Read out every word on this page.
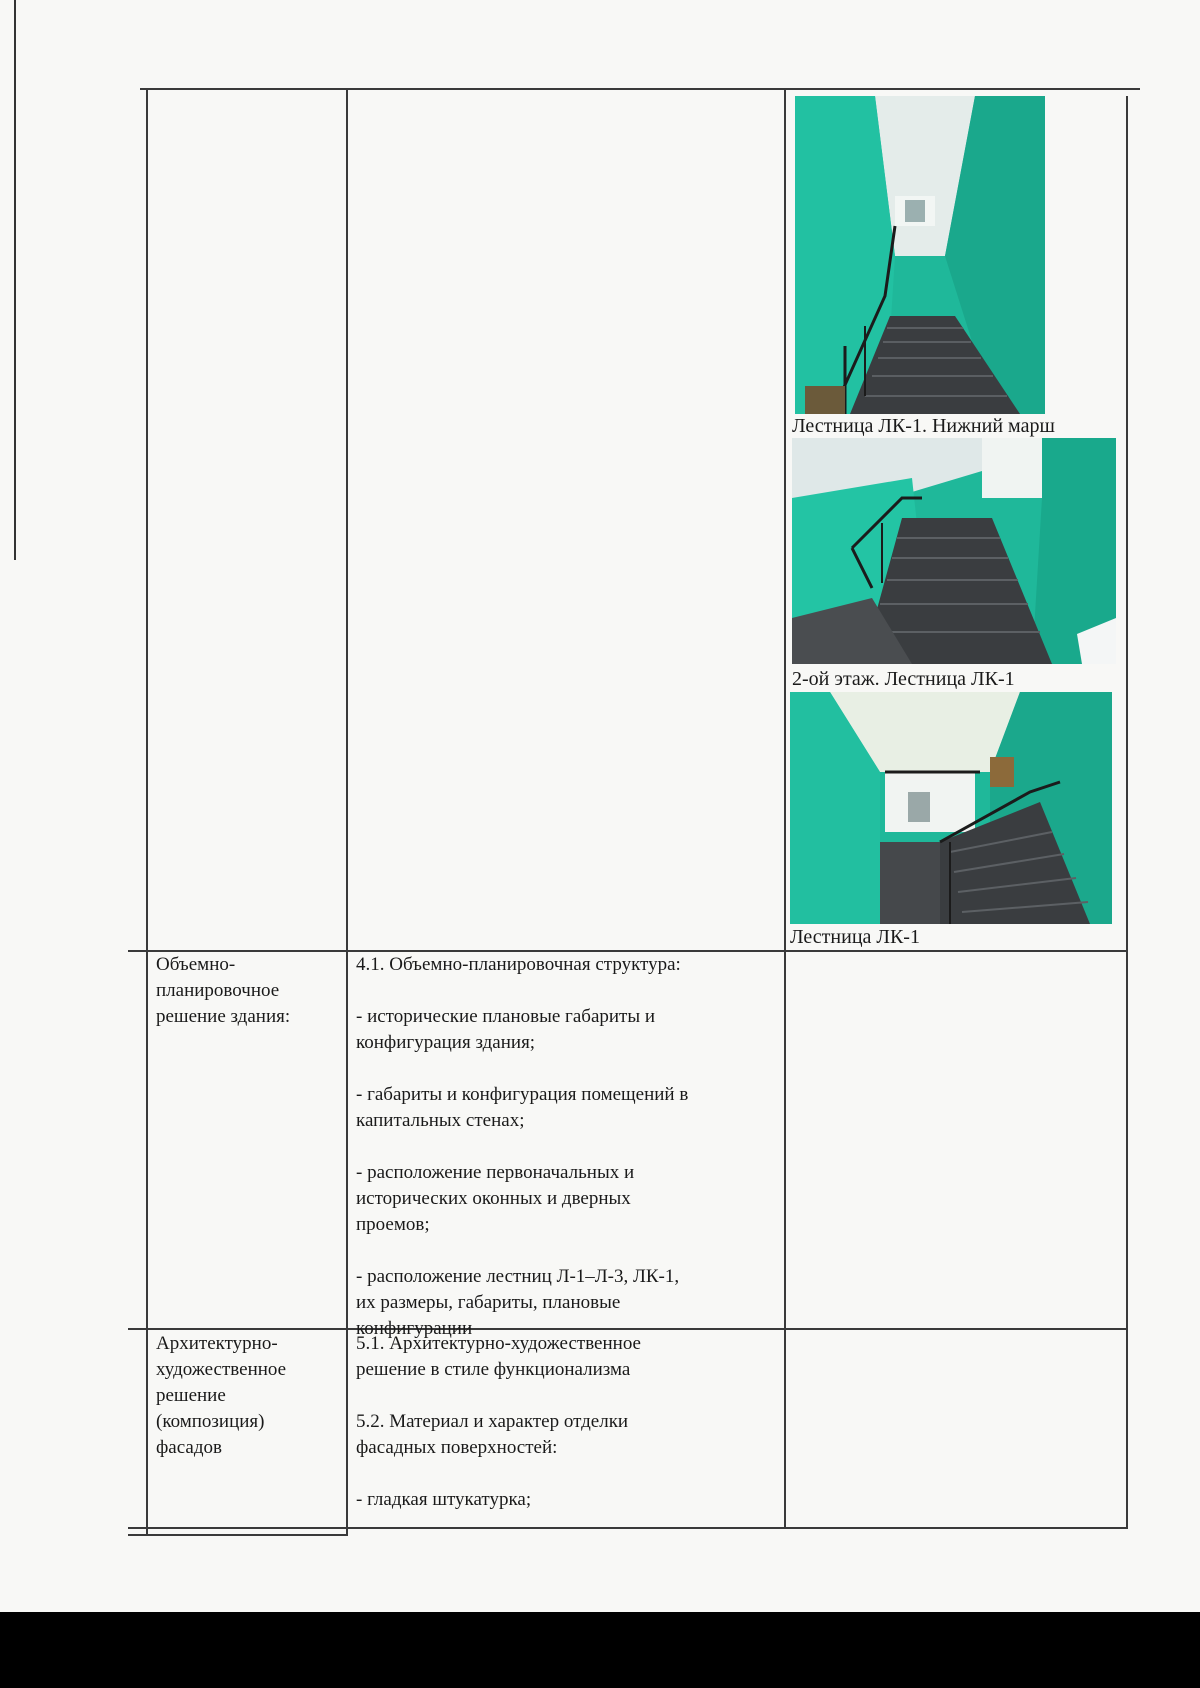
Лестница ЛК-1. Нижний марш
2-ой этаж. Лестница ЛК-1
Лестница ЛК-1
Объемно-
планировочное
решение здания:
4.1. Объемно-планировочная структура:
- исторические плановые габариты и
конфигурация здания;
- габариты и конфигурация помещений в
капитальных стенах;
- расположение первоначальных и
исторических оконных и дверных
проемов;
- расположение лестниц Л-1–Л-3, ЛК-1,
их размеры, габариты, плановые
конфигурации
Архитектурно-
художественное
решение
(композиция)
фасадов
5.1. Архитектурно-художественное
решение в стиле функционализма
5.2. Материал и характер отделки
фасадных поверхностей:
- гладкая штукатурка;
